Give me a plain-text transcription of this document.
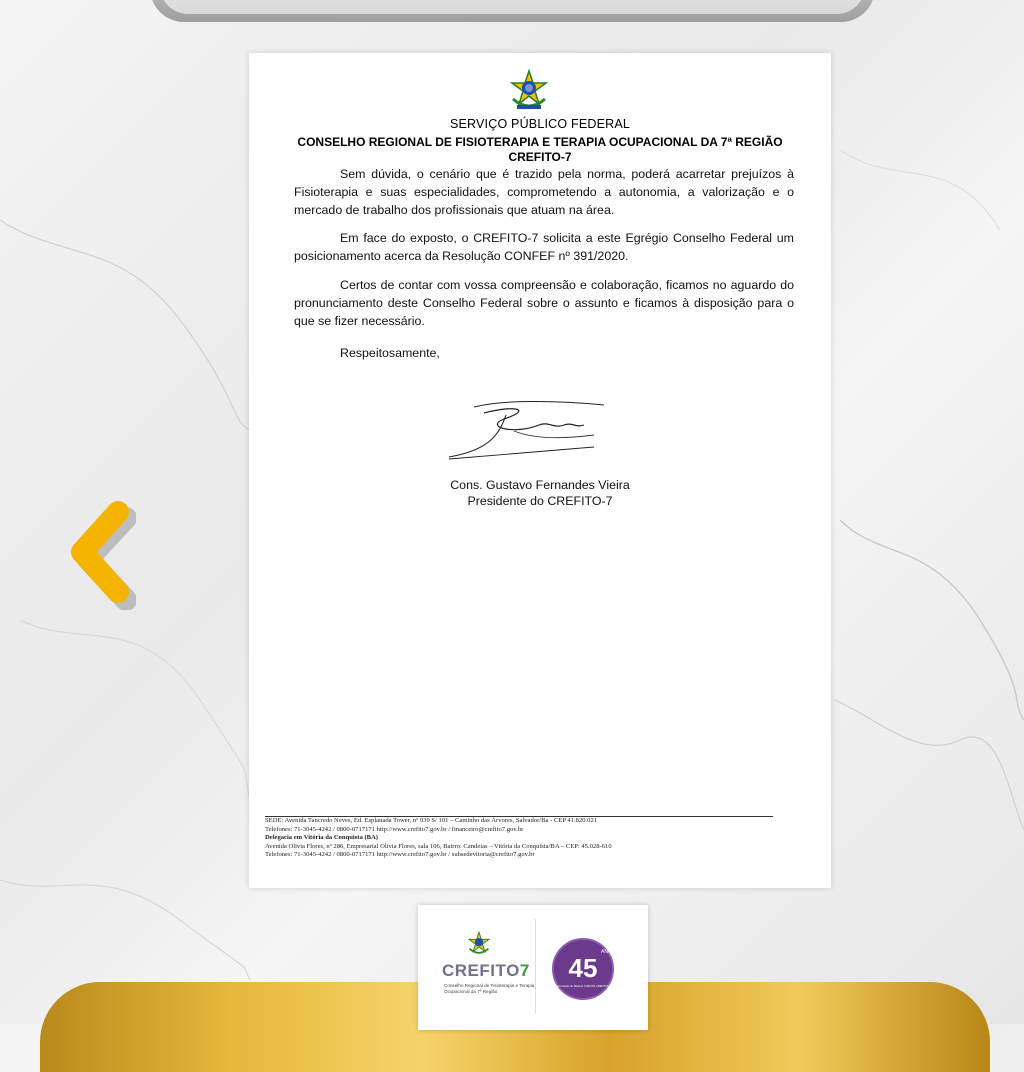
SERVIÇO PÚBLICO FEDERAL
CONSELHO REGIONAL DE FISIOTERAPIA E TERAPIA OCUPACIONAL DA 7ª REGIÃO
CREFITO-7

Sem dúvida, o cenário que é trazido pela norma, poderá acarretar prejuízos à Fisioterapia e suas especialidades, comprometendo a autonomia, a valorização e o mercado de trabalho dos profissionais que atuam na área.

Em face do exposto, o CREFITO-7 solicita a este Egrégio Conselho Federal um posicionamento acerca da Resolução CONFEF nº 391/2020.

Certos de contar com vossa compreensão e colaboração, ficamos no aguardo do pronunciamento deste Conselho Federal sobre o assunto e ficamos à disposição para o que se fizer necessário.

Respeitosamente,

Cons. Gustavo Fernandes Vieira
Presidente do CREFITO-7
SEDE: Avenida Tancredo Neves, Ed. Esplanada Tower, nº 939 S/ 101 – Caminho das Árvores, Salvador/Ba - CEP 41.820.021
Telefones: 71-3045-4242 / 0800-0717171 http://www.crefito7.gov.br / financeiro@crefito7.gov.br
Delegacia em Vitória da Conquista (BA)
Avenida Olivia Flores, nº 286, Empresarial Olivia Flores, sala 106, Bairro: Candeias – Vitória da Conquista/BA – CEP: 45.028-610
Telefones: 71-3045-4242 / 0800-0717171 http://www.crefito7.gov.br / subsedevitoria@crefito7.gov.br
CREFITO7
Conselho Regional de Fisioterapia e Terapia Ocupacional da 7ª Região
ANOS
45
ao Criação do Sistema COFFITO-CREFITOS
